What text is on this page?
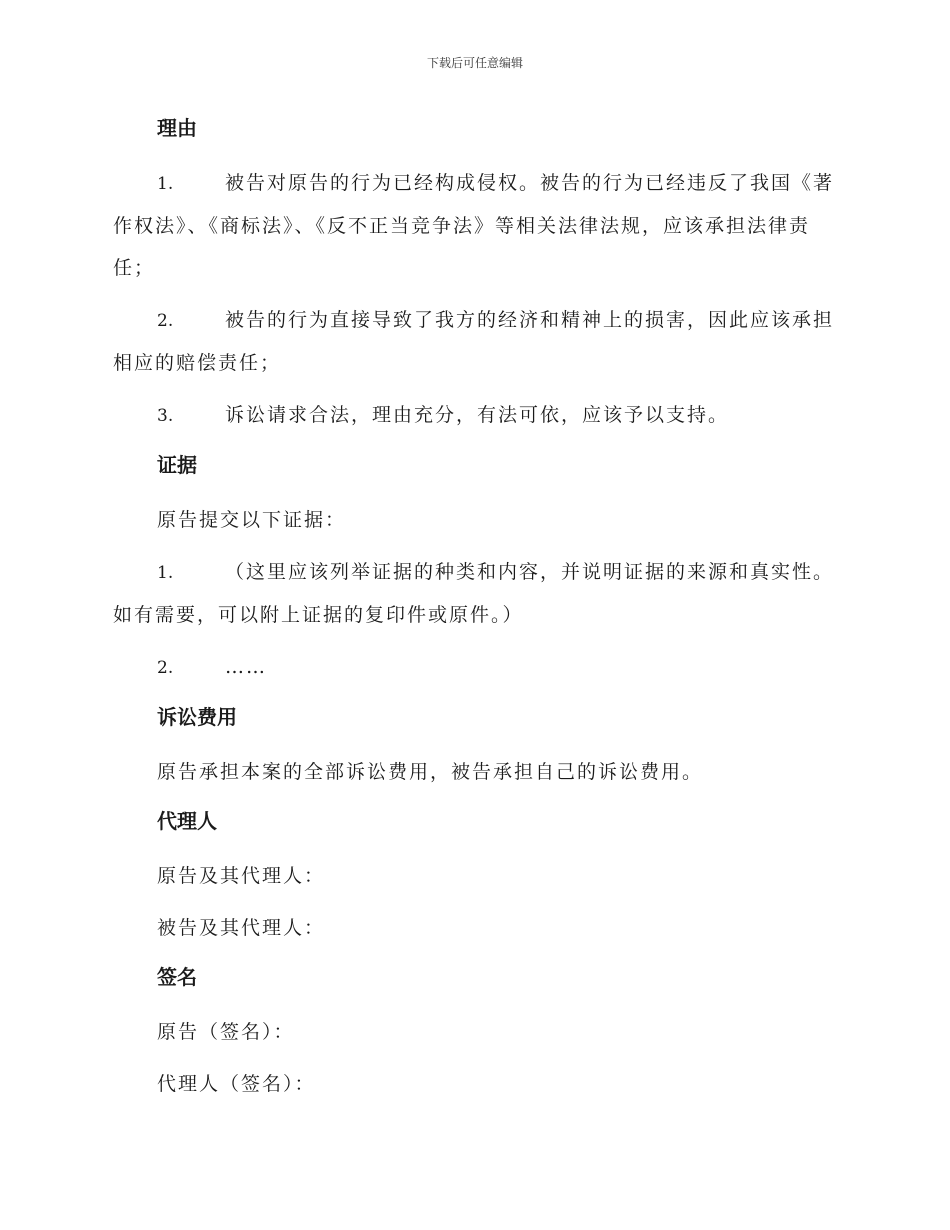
下载后可任意编辑
理由
1.	被告对原告的行为已经构成侵权。被告的行为已经违反了我国《著作权法》、《商标法》、《反不正当竞争法》等相关法律法规，应该承担法律责任；
2.	被告的行为直接导致了我方的经济和精神上的损害，因此应该承担相应的赔偿责任；
3.	诉讼请求合法，理由充分，有法可依，应该予以支持。
证据
原告提交以下证据：
1.	（这里应该列举证据的种类和内容，并说明证据的来源和真实性。如有需要，可以附上证据的复印件或原件。）
2.	……
诉讼费用
原告承担本案的全部诉讼费用，被告承担自己的诉讼费用。
代理人
原告及其代理人：
被告及其代理人：
签名
原告（签名）：
代理人（签名）：
